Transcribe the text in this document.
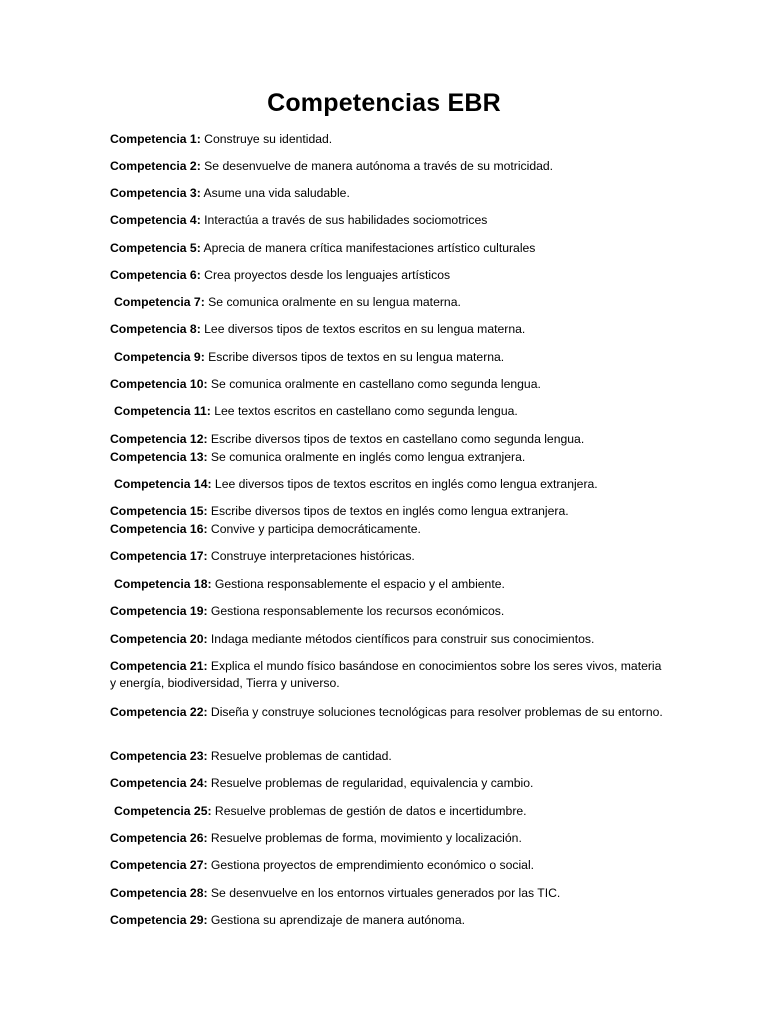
Competencias EBR
Competencia 1: Construye su identidad.
Competencia 2: Se desenvuelve de manera autónoma a través de su motricidad.
Competencia 3: Asume una vida saludable.
Competencia 4: Interactúa a través de sus habilidades sociomotrices
Competencia 5: Aprecia de manera crítica manifestaciones artístico culturales
Competencia 6: Crea proyectos desde los lenguajes artísticos
Competencia 7: Se comunica oralmente en su lengua materna.
Competencia 8: Lee diversos tipos de textos escritos en su lengua materna.
Competencia 9: Escribe diversos tipos de textos en su lengua materna.
Competencia 10: Se comunica oralmente en castellano como segunda lengua.
Competencia 11: Lee textos escritos en castellano como segunda lengua.
Competencia 12: Escribe diversos tipos de textos en castellano como segunda lengua.
Competencia 13: Se comunica oralmente en inglés como lengua extranjera.
Competencia 14: Lee diversos tipos de textos escritos en inglés como lengua extranjera.
Competencia 15: Escribe diversos tipos de textos en inglés como lengua extranjera.
Competencia 16: Convive y participa democráticamente.
Competencia 17: Construye interpretaciones históricas.
Competencia 18: Gestiona responsablemente el espacio y el ambiente.
Competencia 19: Gestiona responsablemente los recursos económicos.
Competencia 20: Indaga mediante métodos científicos para construir sus conocimientos.
Competencia 21: Explica el mundo físico basándose en conocimientos sobre los seres vivos, materia y energía, biodiversidad, Tierra y universo.
Competencia 22: Diseña y construye soluciones tecnológicas para resolver problemas de su entorno.
Competencia 23: Resuelve problemas de cantidad.
Competencia 24: Resuelve problemas de regularidad, equivalencia y cambio.
Competencia 25: Resuelve problemas de gestión de datos e incertidumbre.
Competencia 26: Resuelve problemas de forma, movimiento y localización.
Competencia 27: Gestiona proyectos de emprendimiento económico o social.
Competencia 28: Se desenvuelve en los entornos virtuales generados por las TIC.
Competencia 29: Gestiona su aprendizaje de manera autónoma.
